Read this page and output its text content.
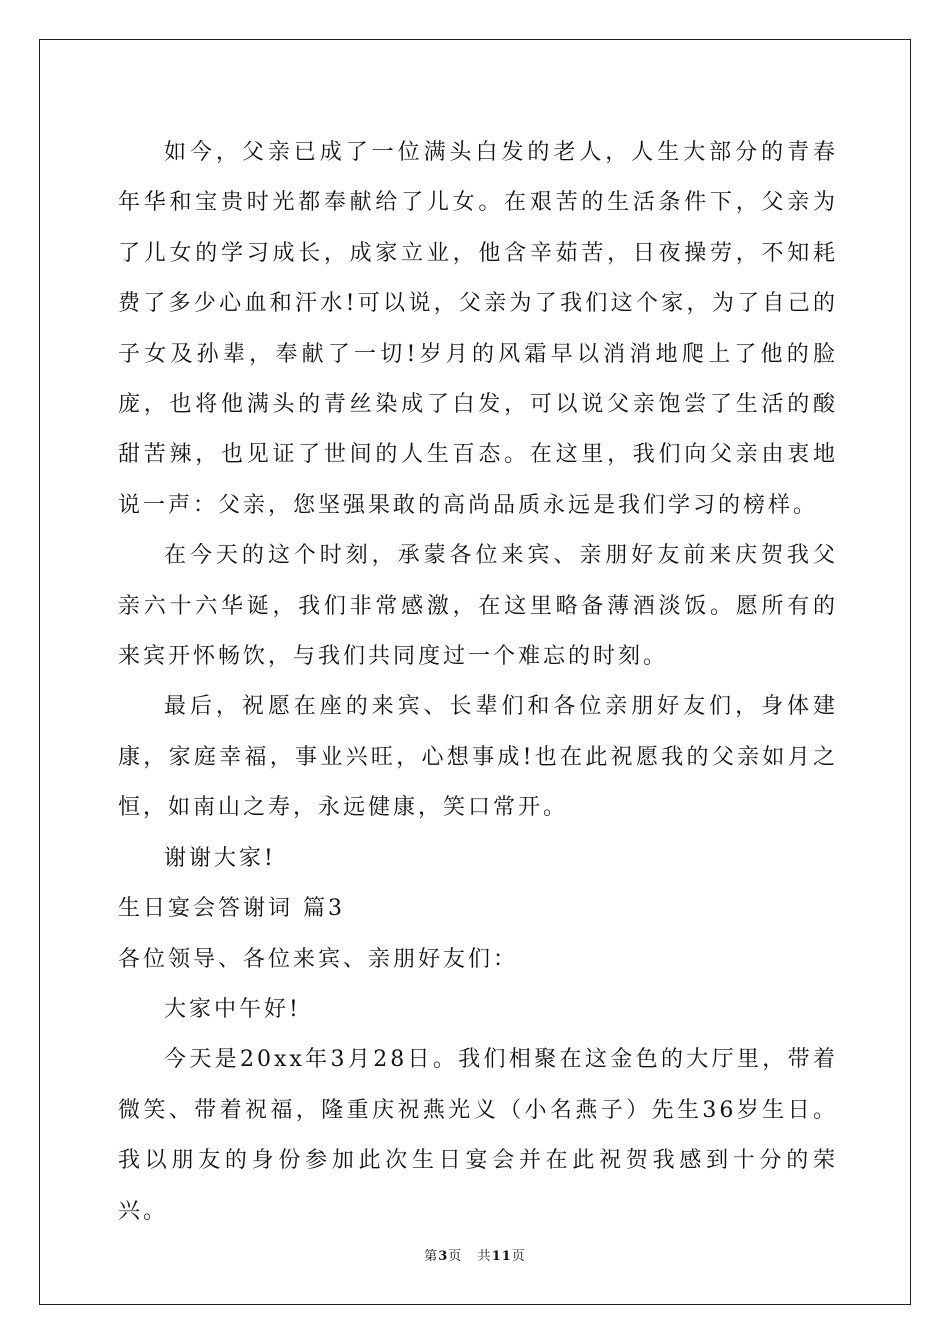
如今，父亲已成了一位满头白发的老人，人生大部分的青春年华和宝贵时光都奉献给了儿女。在艰苦的生活条件下，父亲为了儿女的学习成长，成家立业，他含辛茹苦，日夜操劳，不知耗费了多少心血和汗水!可以说，父亲为了我们这个家，为了自己的子女及孙辈，奉献了一切!岁月的风霜早以消消地爬上了他的脸庞，也将他满头的青丝染成了白发，可以说父亲饱尝了生活的酸甜苦辣，也见证了世间的人生百态。在这里，我们向父亲由衷地说一声：父亲，您坚强果敢的高尚品质永远是我们学习的榜样。

在今天的这个时刻，承蒙各位来宾、亲朋好友前来庆贺我父亲六十六华诞，我们非常感激，在这里略备薄酒淡饭。愿所有的来宾开怀畅饮，与我们共同度过一个难忘的时刻。

最后，祝愿在座的来宾、长辈们和各位亲朋好友们，身体建康，家庭幸福，事业兴旺，心想事成!也在此祝愿我的父亲如月之恒，如南山之寿，永远健康，笑口常开。

谢谢大家!

生日宴会答谢词 篇3

各位领导、各位来宾、亲朋好友们：

大家中午好!

今天是20xx年3月28日。我们相聚在这金色的大厅里，带着微笑、带着祝福，隆重庆祝燕光义（小名燕子）先生36岁生日。我以朋友的身份参加此次生日宴会并在此祝贺我感到十分的荣兴。

第3页 共11页
